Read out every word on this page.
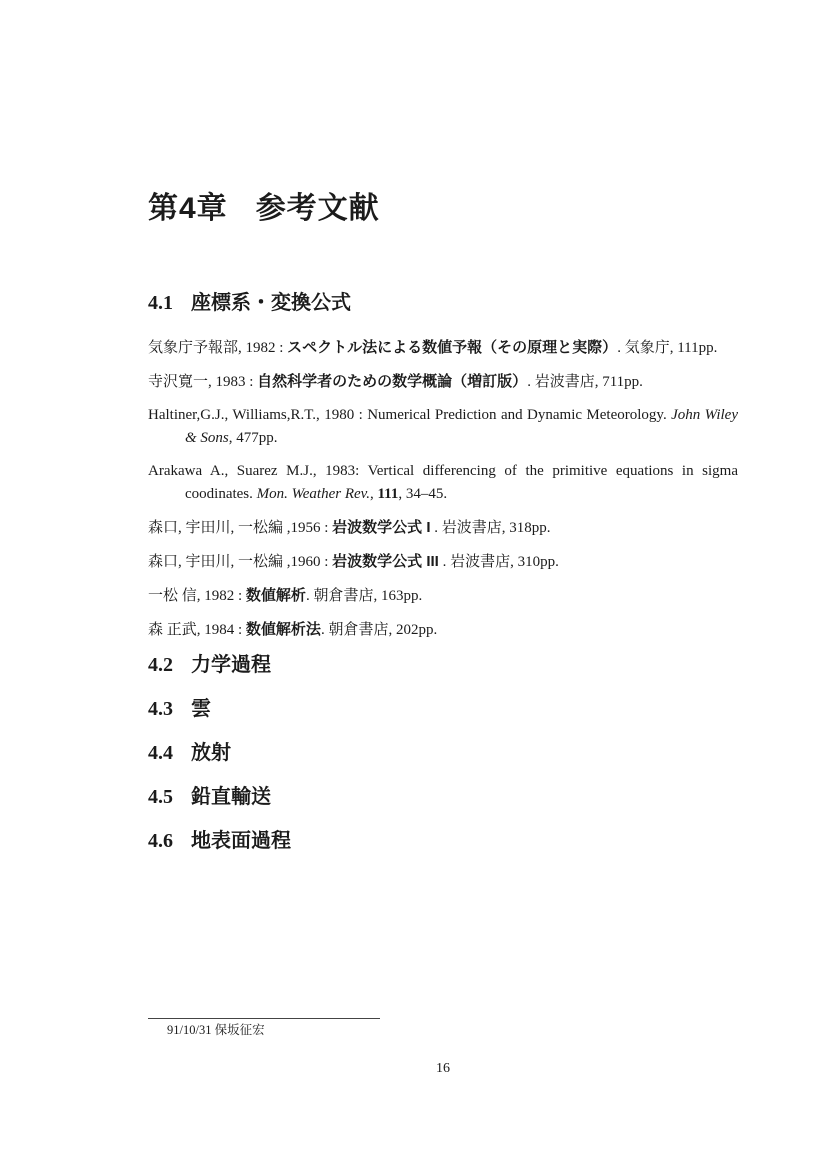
第4章 参考文献
4.1 座標系・変換公式

気象庁予報部, 1982 : スペクトル法による数値予報（その原理と実際）. 気象庁, 111pp.

寺沢寛一, 1983 : 自然科学者のための数学概論（増訂版）. 岩波書店, 711pp.

Haltiner,G.J., Williams,R.T., 1980 : Numerical Prediction and Dynamic Meteorology. John Wiley & Sons, 477pp.

Arakawa A., Suarez M.J., 1983: Vertical differencing of the primitive equations in sigma coodinates. Mon. Weather Rev., 111, 34–45.

森口, 宇田川, 一松編 ,1956 : 岩波数学公式 I . 岩波書店, 318pp.

森口, 宇田川, 一松編 ,1960 : 岩波数学公式 III . 岩波書店, 310pp.

一松 信, 1982 : 数値解析. 朝倉書店, 163pp.

森 正武, 1984 : 数値解析法. 朝倉書店, 202pp.

4.2 力学過程
4.3 雲
4.4 放射
4.5 鉛直輸送
4.6 地表面過程
91/10/31 保坂征宏
16
